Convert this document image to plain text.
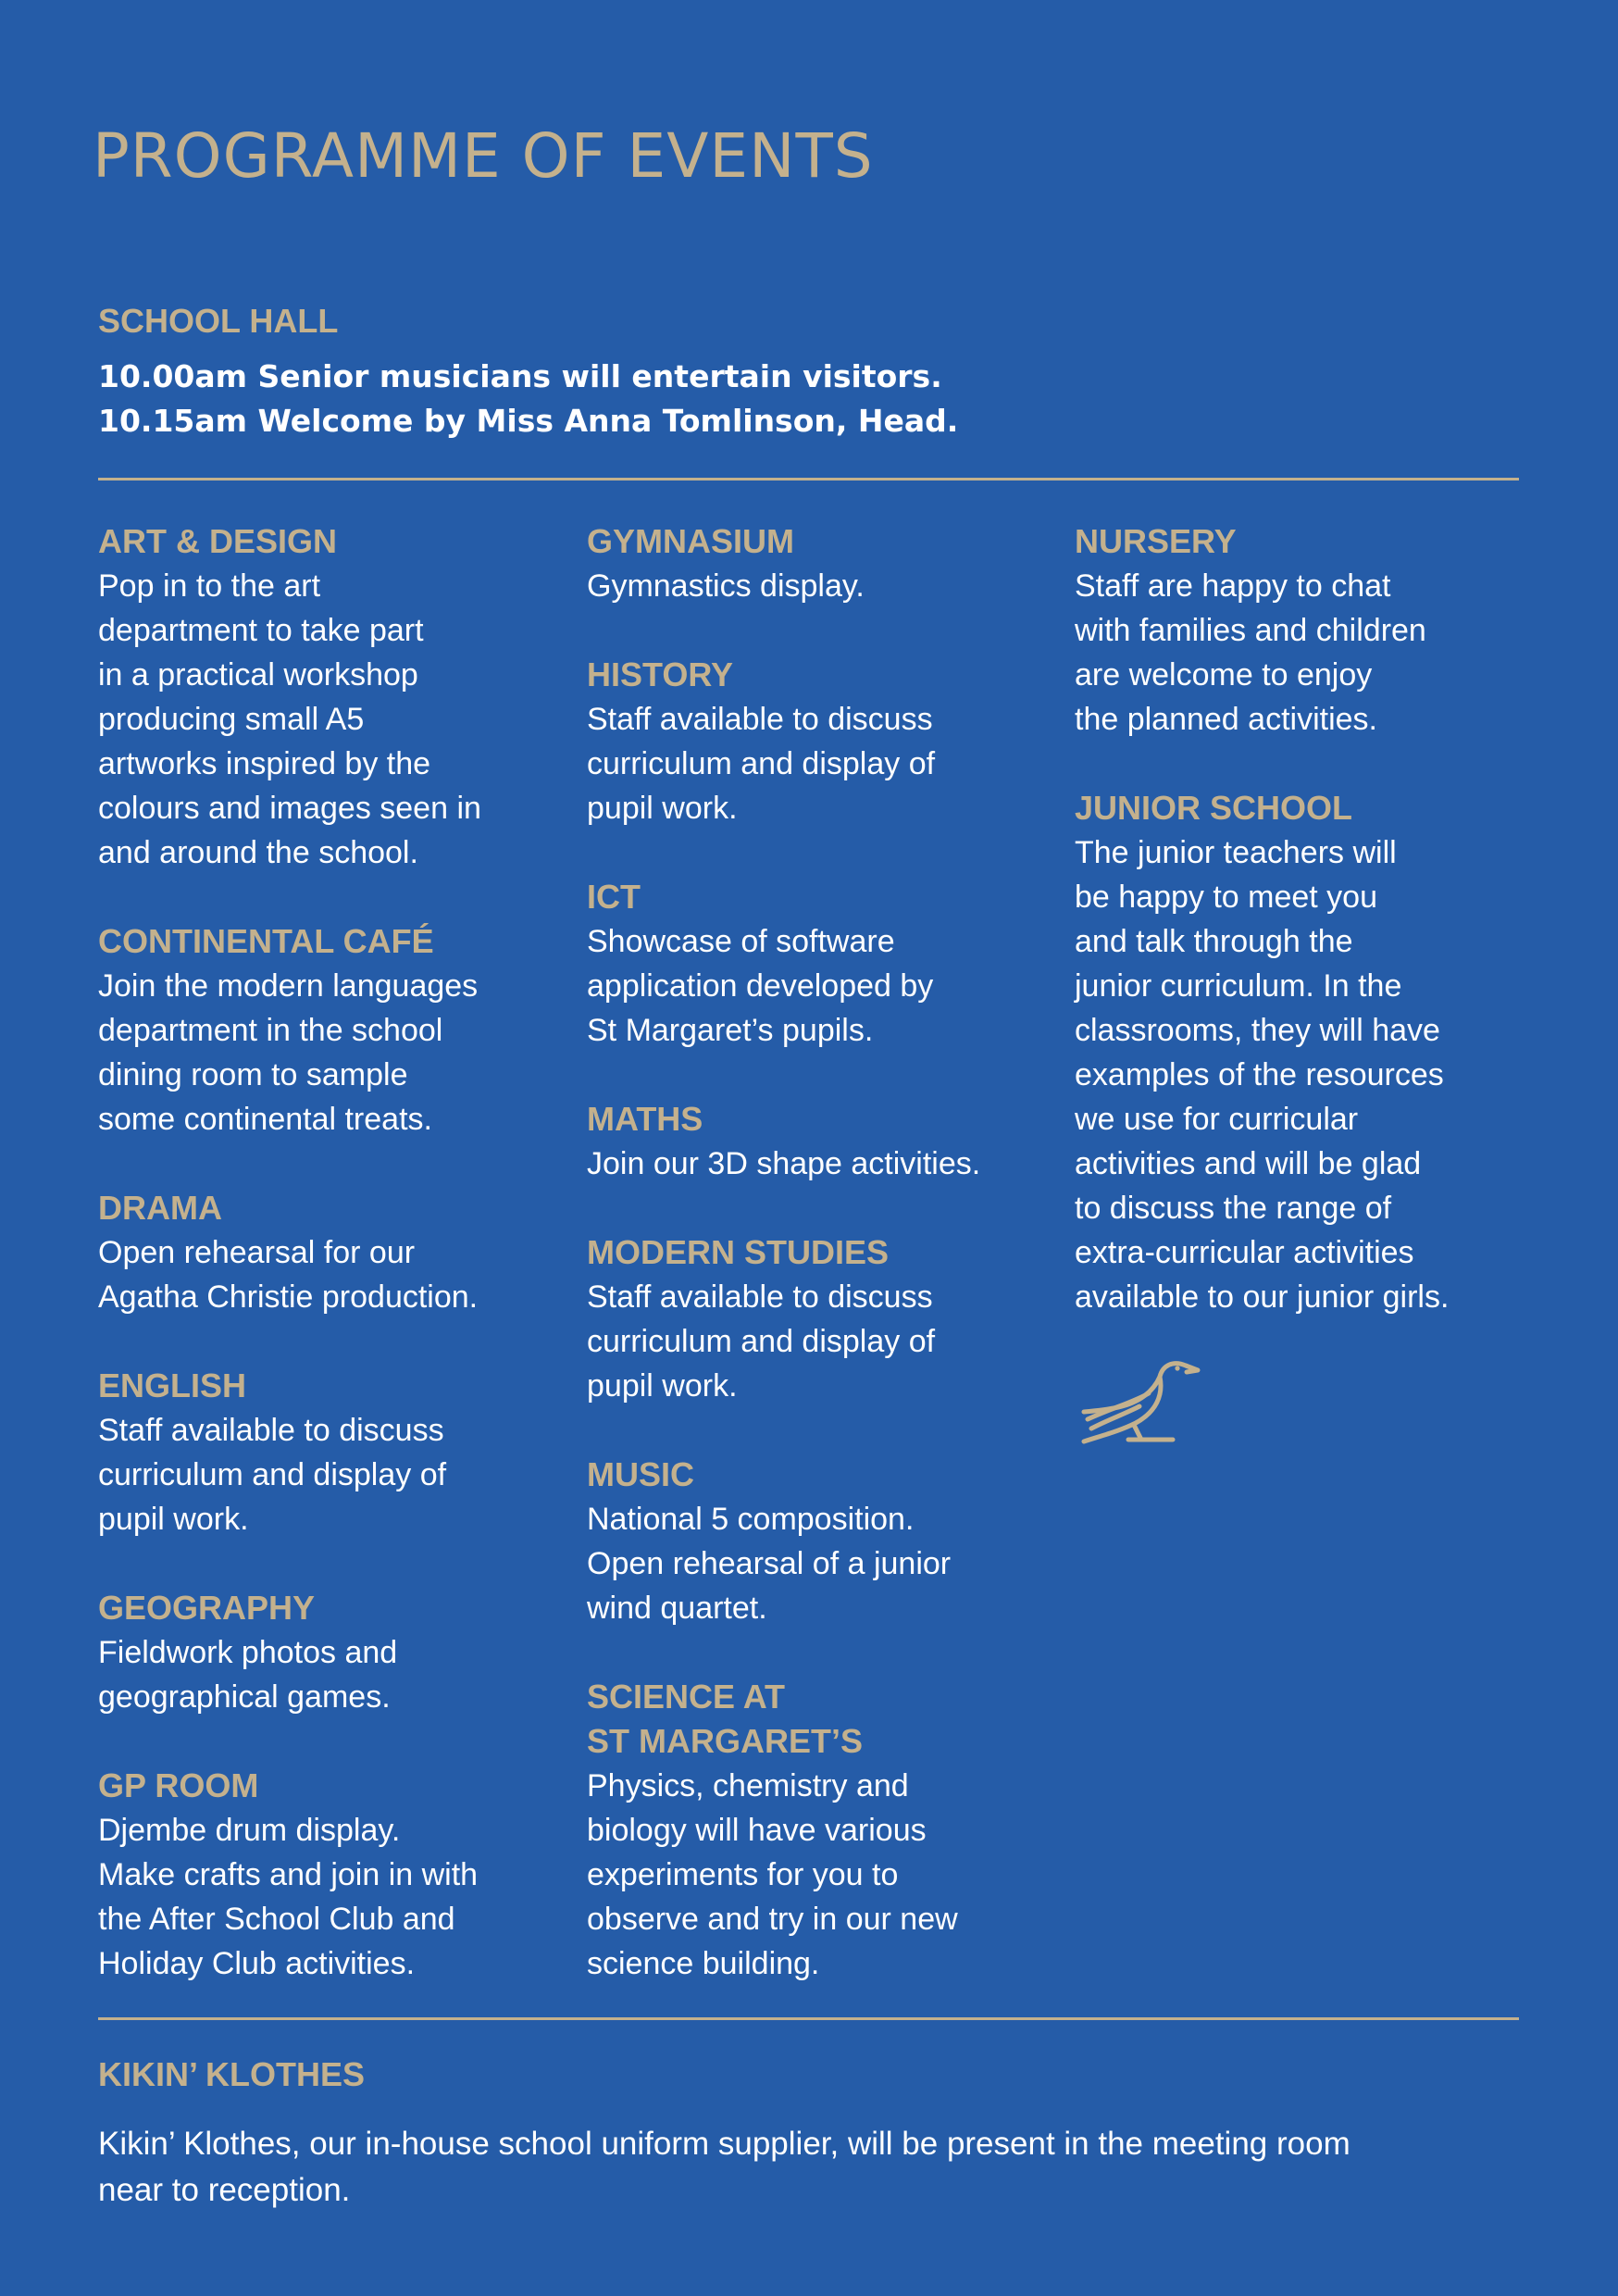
PROGRAMME OF EVENTS
SCHOOL HALL

10.00am Senior musicians will entertain visitors.

10.15am Welcome by Miss Anna Tomlinson, Head.

ART & DESIGN

Pop in to the art
department to take part
in a practical workshop
producing small A5
artworks inspired by the
colours and images seen in
and around the school.

CONTINENTAL CAFÉ

Join the modern languages
department in the school
dining room to sample
some continental treats.

DRAMA

Open rehearsal for our
Agatha Christie production.

ENGLISH

Staff available to discuss
curriculum and display of
pupil work.

GEOGRAPHY

Fieldwork photos and
geographical games.

GP ROOM

Djembe drum display.
Make crafts and join in with
the After School Club and
Holiday Club activities.

GYMNASIUM

Gymnastics display.

HISTORY

Staff available to discuss
curriculum and display of
pupil work.

ICT

Showcase of software
application developed by
St Margaret’s pupils.

MATHS

Join our 3D shape activities.

MODERN STUDIES

Staff available to discuss
curriculum and display of
pupil work.

MUSIC

National 5 composition.
Open rehearsal of a junior
wind quartet.

SCIENCE AT
ST MARGARET’S

Physics, chemistry and
biology will have various
experiments for you to
observe and try in our new
science building.

NURSERY

Staff are happy to chat
with families and children
are welcome to enjoy
the planned activities.

JUNIOR SCHOOL

The junior teachers will
be happy to meet you
and talk through the
junior curriculum. In the
classrooms, they will have
examples of the resources
we use for curricular
activities and will be glad
to discuss the range of
extra-curricular activities
available to our junior girls.

KIKIN’ KLOTHES

Kikin’ Klothes, our in-house school uniform supplier, will be present in the meeting room
near to reception.
